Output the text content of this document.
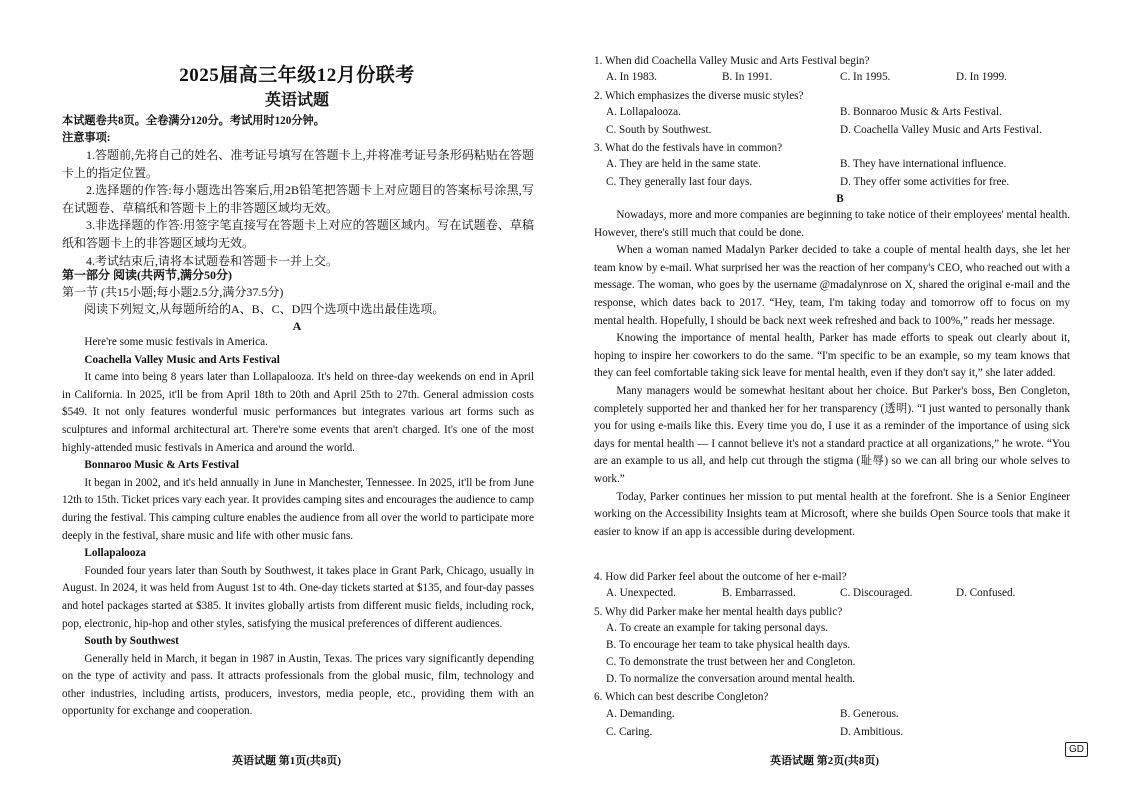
2025届高三年级12月份联考
英语试题
本试题卷共8页。全卷满分120分。考试用时120分钟。
注意事项:

1.答题前,先将自己的姓名、准考证号填写在答题卡上,并将准考证号条形码粘贴在答题卡上的指定位置。

2.选择题的作答:每小题选出答案后,用2B铅笔把答题卡上对应题目的答案标号涂黑,写在试题卷、草稿纸和答题卡上的非答题区域均无效。

3.非选择题的作答:用签字笔直接写在答题卡上对应的答题区域内。写在试题卷、草稿纸和答题卡上的非答题区域均无效。

4.考试结束后,请将本试题卷和答题卡一并上交。

第一部分 阅读(共两节,满分50分)
第一节 (共15小题;每小题2.5分,满分37.5分)
阅读下列短文,从每题所给的A、B、C、D四个选项中选出最佳选项。
A

Here're some music festivals in America.

Coachella Valley Music and Arts Festival

It came into being 8 years later than Lollapalooza. It's held on three-day weekends on end in April in California. In 2025, it'll be from April 18th to 20th and April 25th to 27th. General admission costs $549. It not only features wonderful music performances but integrates various art forms such as sculptures and informal architectural art. There're some events that aren't charged. It's one of the most highly-attended music festivals in America and around the world.

Bonnaroo Music & Arts Festival

It began in 2002, and it's held annually in June in Manchester, Tennessee. In 2025, it'll be from June 12th to 15th. Ticket prices vary each year. It provides camping sites and encourages the audience to camp during the festival. This camping culture enables the audience from all over the world to participate more deeply in the festival, share music and life with other music fans.

Lollapalooza

Founded four years later than South by Southwest, it takes place in Grant Park, Chicago, usually in August. In 2024, it was held from August 1st to 4th. One-day tickets started at $135, and four-day passes and hotel packages started at $385. It invites globally artists from different music fields, including rock, pop, electronic, hip-hop and other styles, satisfying the musical preferences of different audiences.

South by Southwest

Generally held in March, it began in 1987 in Austin, Texas. The prices vary significantly depending on the type of activity and pass. It attracts professionals from the global music, film, technology and other industries, including artists, producers, investors, media people, etc., providing them with an opportunity for exchange and cooperation.

英语试题 第1页(共8页)
1. When did Coachella Valley Music and Arts Festival begin?
A. In 1983.	B. In 1991.	C. In 1995.	D. In 1999.
2. Which emphasizes the diverse music styles?
A. Lollapalooza.	B. Bonnaroo Music & Arts Festival.
C. South by Southwest.	D. Coachella Valley Music and Arts Festival.
3. What do the festivals have in common?
A. They are held in the same state.	B. They have international influence.
C. They generally last four days.	D. They offer some activities for free.
B

Nowadays, more and more companies are beginning to take notice of their employees' mental health. However, there's still much that could be done.

When a woman named Madalyn Parker decided to take a couple of mental health days, she let her team know by e-mail. What surprised her was the reaction of her company's CEO, who reached out with a message. The woman, who goes by the username @madalynrose on X, shared the original e-mail and the response, which dates back to 2017. “Hey, team, I'm taking today and tomorrow off to focus on my mental health. Hopefully, I should be back next week refreshed and back to 100%,” reads her message.

Knowing the importance of mental health, Parker has made efforts to speak out clearly about it, hoping to inspire her coworkers to do the same. “I'm specific to be an example, so my team knows that they can feel comfortable taking sick leave for mental health, even if they don't say it,” she later added.

Many managers would be somewhat hesitant about her choice. But Parker's boss, Ben Congleton, completely supported her and thanked her for her transparency (透明). “I just wanted to personally thank you for using e-mails like this. Every time you do, I use it as a reminder of the importance of using sick days for mental health — I cannot believe it's not a standard practice at all organizations,” he wrote. “You are an example to us all, and help cut through the stigma (耻辱) so we can all bring our whole selves to work.”

Today, Parker continues her mission to put mental health at the forefront. She is a Senior Engineer working on the Accessibility Insights team at Microsoft, where she builds Open Source tools that make it easier to know if an app is accessible during development.

4. How did Parker feel about the outcome of her e-mail?
A. Unexpected.	B. Embarrassed.	C. Discouraged.	D. Confused.
5. Why did Parker make her mental health days public?
A. To create an example for taking personal days.
B. To encourage her team to take physical health days.
C. To demonstrate the trust between her and Congleton.
D. To normalize the conversation around mental health.
6. Which can best describe Congleton?
A. Demanding.	B. Generous.
C. Caring.	D. Ambitious.
英语试题 第2页(共8页)
GD
